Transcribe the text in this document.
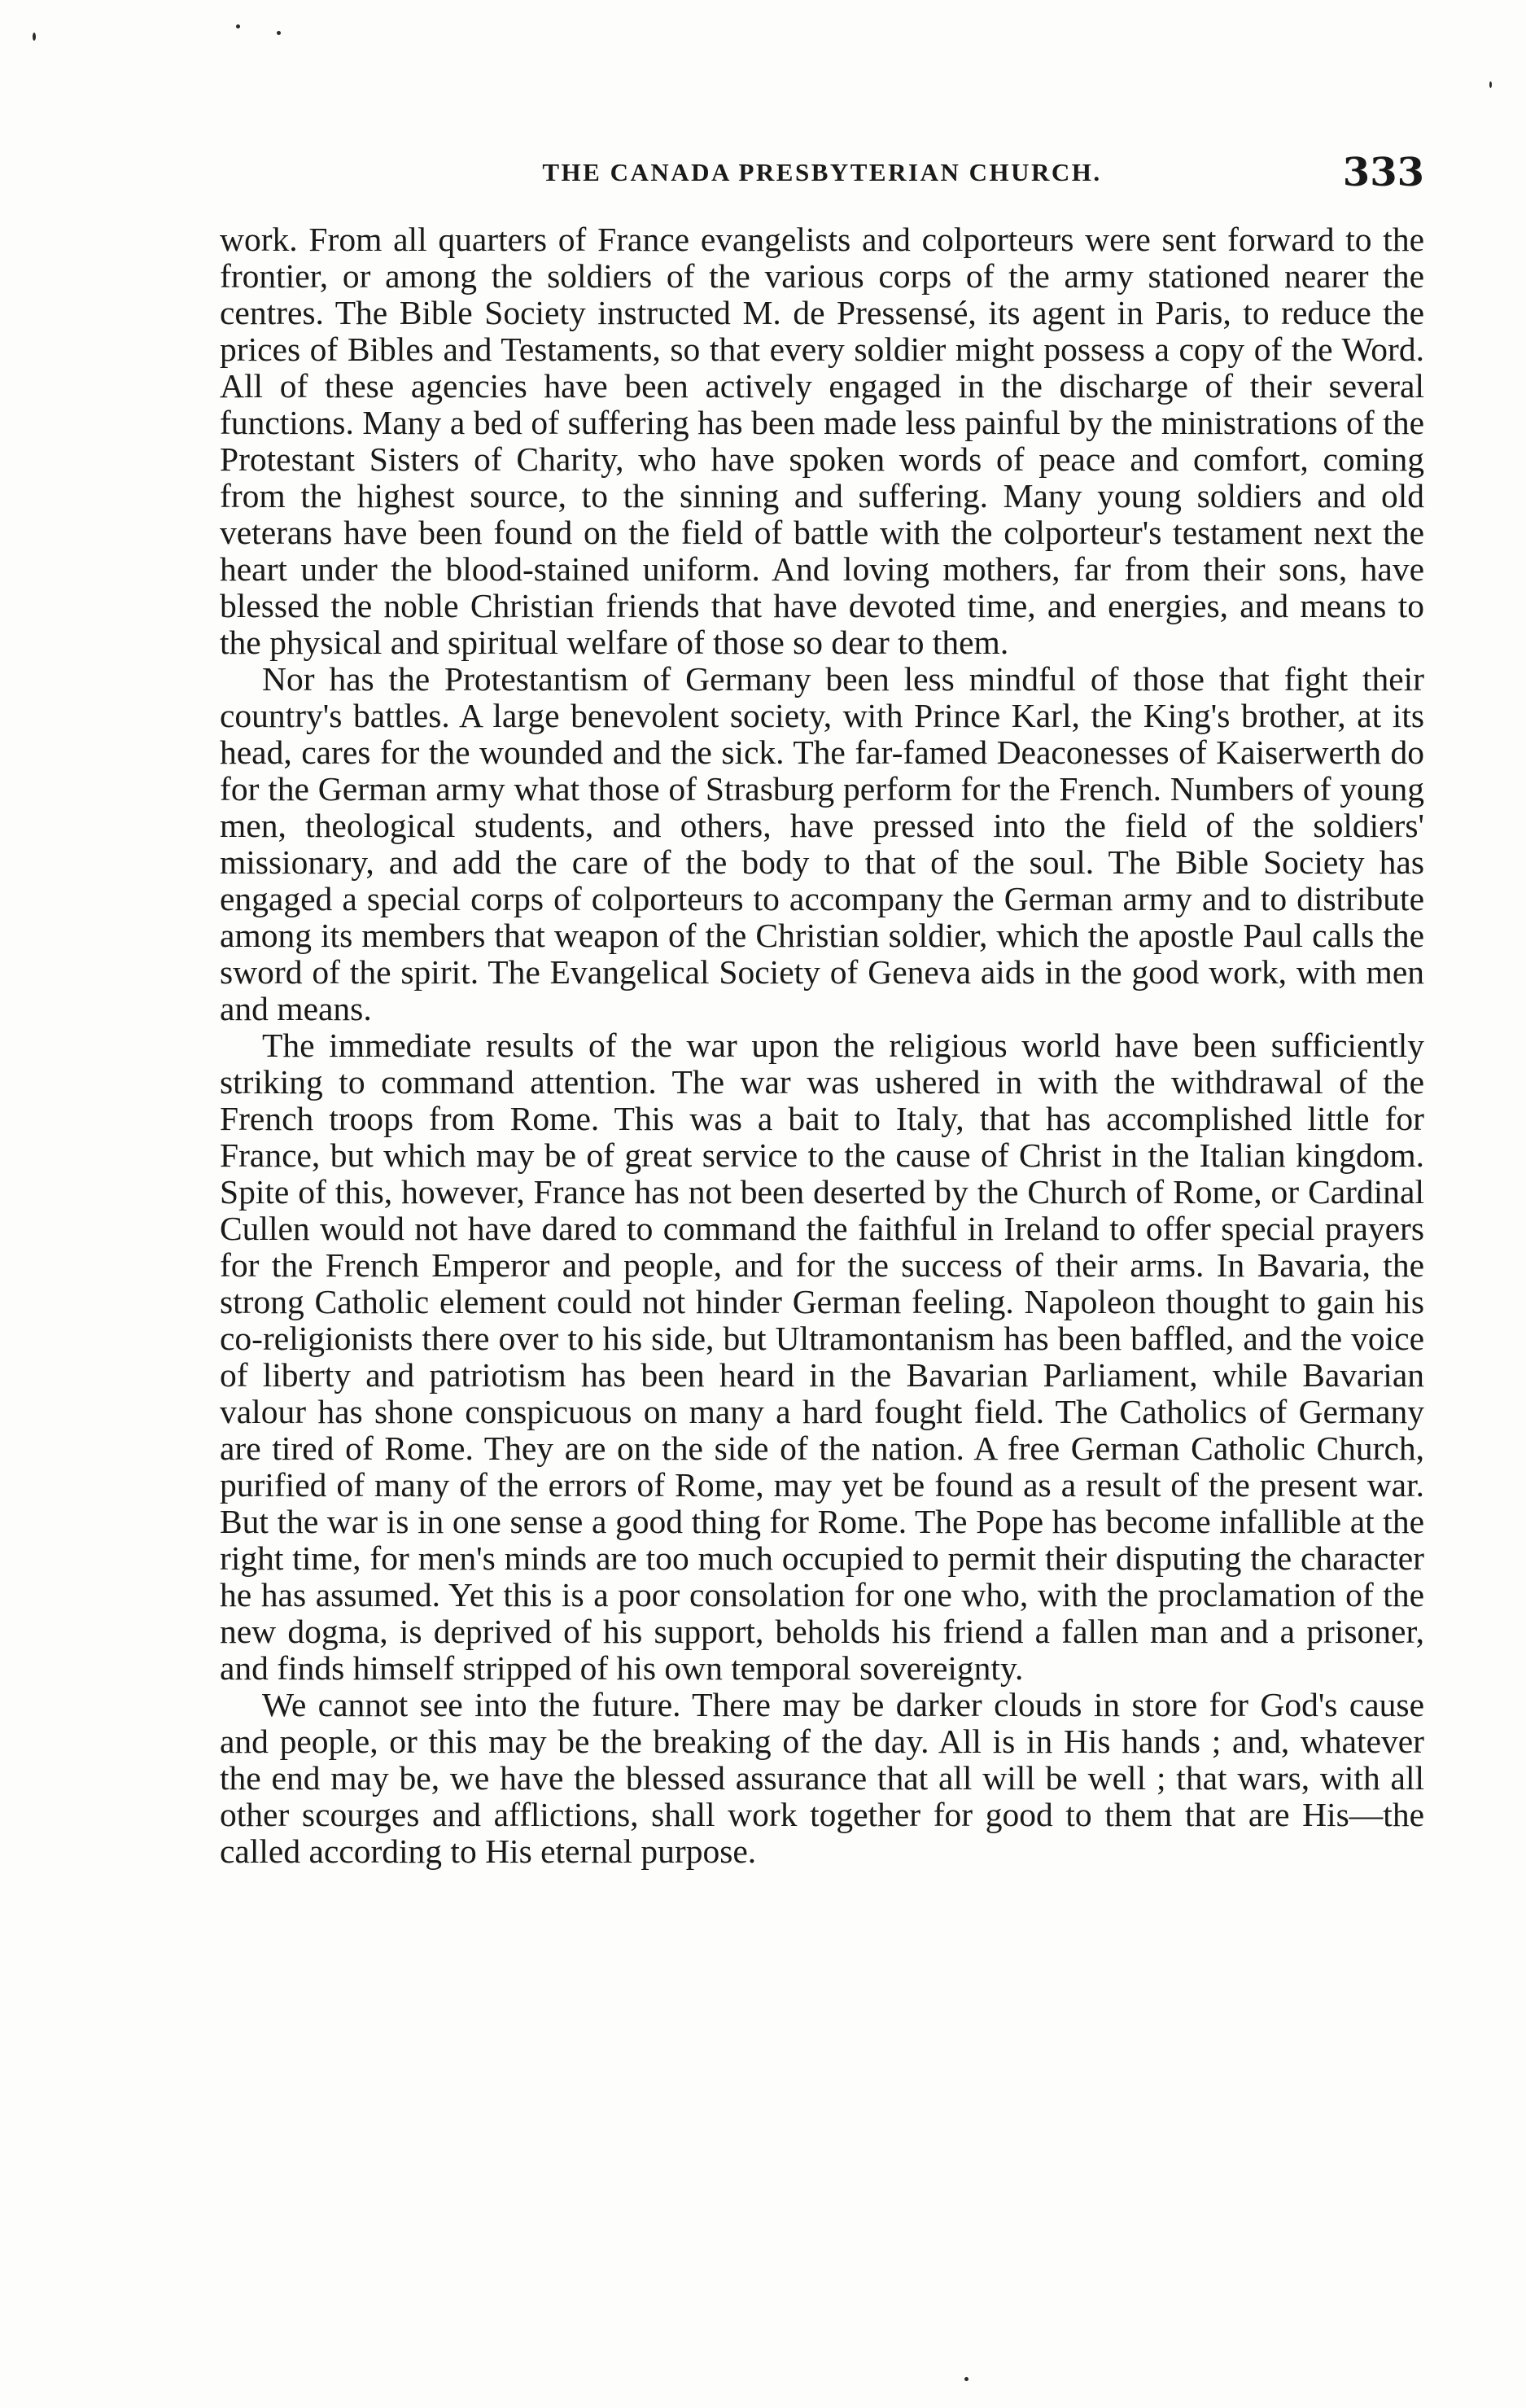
THE CANADA PRESBYTERIAN CHURCH.	333

work. From all quarters of France evangelists and colporteurs were sent forward to the frontier, or among the soldiers of the various corps of the army stationed nearer the centres. The Bible Society instructed M. de Pressensé, its agent in Paris, to reduce the prices of Bibles and Testaments, so that every soldier might possess a copy of the Word. All of these agencies have been actively engaged in the discharge of their several functions. Many a bed of suffering has been made less painful by the ministrations of the Protestant Sisters of Charity, who have spoken words of peace and comfort, coming from the highest source, to the sinning and suffering. Many young soldiers and old veterans have been found on the field of battle with the colporteur's testament next the heart under the blood-stained uniform. And loving mothers, far from their sons, have blessed the noble Christian friends that have devoted time, and energies, and means to the physical and spiritual welfare of those so dear to them.

Nor has the Protestantism of Germany been less mindful of those that fight their country's battles. A large benevolent society, with Prince Karl, the King's brother, at its head, cares for the wounded and the sick. The far-famed Deaconesses of Kaiserwerth do for the German army what those of Strasburg perform for the French. Numbers of young men, theological students, and others, have pressed into the field of the soldiers' missionary, and add the care of the body to that of the soul. The Bible Society has engaged a special corps of colporteurs to accompany the German army and to distribute among its members that weapon of the Christian soldier, which the apostle Paul calls the sword of the spirit. The Evangelical Society of Geneva aids in the good work, with men and means.

The immediate results of the war upon the religious world have been sufficiently striking to command attention. The war was ushered in with the withdrawal of the French troops from Rome. This was a bait to Italy, that has accomplished little for France, but which may be of great service to the cause of Christ in the Italian kingdom. Spite of this, however, France has not been deserted by the Church of Rome, or Cardinal Cullen would not have dared to command the faithful in Ireland to offer special prayers for the French Emperor and people, and for the success of their arms. In Bavaria, the strong Catholic element could not hinder German feeling. Napoleon thought to gain his co-religionists there over to his side, but Ultramontanism has been baffled, and the voice of liberty and patriotism has been heard in the Bavarian Parliament, while Bavarian valour has shone conspicuous on many a hard fought field. The Catholics of Germany are tired of Rome. They are on the side of the nation. A free German Catholic Church, purified of many of the errors of Rome, may yet be found as a result of the present war. But the war is in one sense a good thing for Rome. The Pope has become infallible at the right time, for men's minds are too much occupied to permit their disputing the character he has assumed. Yet this is a poor consolation for one who, with the proclamation of the new dogma, is deprived of his support, beholds his friend a fallen man and a prisoner, and finds himself stripped of his own temporal sovereignty.

We cannot see into the future. There may be darker clouds in store for God's cause and people, or this may be the breaking of the day. All is in His hands ; and, whatever the end may be, we have the blessed assurance that all will be well ; that wars, with all other scourges and afflictions, shall work together for good to them that are His—the called according to His eternal purpose.
